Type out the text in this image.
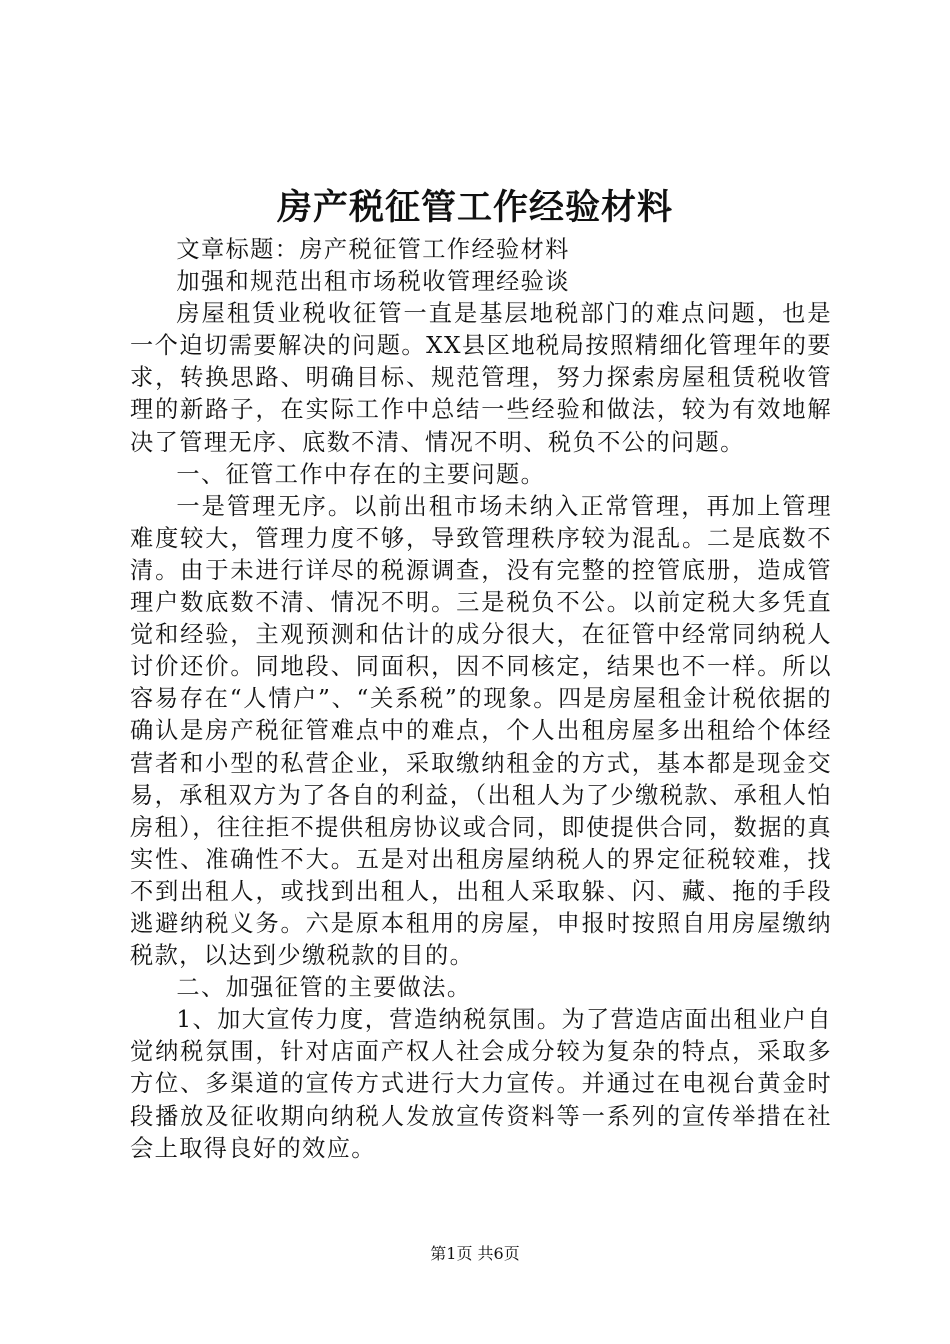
房产税征管工作经验材料

文章标题：房产税征管工作经验材料

加强和规范出租市场税收管理经验谈

房屋租赁业税收征管一直是基层地税部门的难点问题，也是一个迫切需要解决的问题。XX县区地税局按照精细化管理年的要求，转换思路、明确目标、规范管理，努力探索房屋租赁税收管理的新路子，在实际工作中总结一些经验和做法，较为有效地解决了管理无序、底数不清、情况不明、税负不公的问题。

一、征管工作中存在的主要问题。

一是管理无序。以前出租市场未纳入正常管理，再加上管理难度较大，管理力度不够，导致管理秩序较为混乱。二是底数不清。由于未进行详尽的税源调查，没有完整的控管底册，造成管理户数底数不清、情况不明。三是税负不公。以前定税大多凭直觉和经验，主观预测和估计的成分很大，在征管中经常同纳税人讨价还价。同地段、同面积，因不同核定，结果也不一样。所以容易存在“人情户”、“关系税”的现象。四是房屋租金计税依据的确认是房产税征管难点中的难点，个人出租房屋多出租给个体经营者和小型的私营企业，采取缴纳租金的方式，基本都是现金交易，承租双方为了各自的利益，（出租人为了少缴税款、承租人怕房租），往往拒不提供租房协议或合同，即使提供合同，数据的真实性、准确性不大。五是对出租房屋纳税人的界定征税较难，找不到出租人，或找到出租人，出租人采取躲、闪、藏、拖的手段逃避纳税义务。六是原本租用的房屋，申报时按照自用房屋缴纳税款，以达到少缴税款的目的。

二、加强征管的主要做法。

1、加大宣传力度，营造纳税氛围。为了营造店面出租业户自觉纳税氛围，针对店面产权人社会成分较为复杂的特点，采取多方位、多渠道的宣传方式进行大力宣传。并通过在电视台黄金时段播放及征收期向纳税人发放宣传资料等一系列的宣传举措在社会上取得良好的效应。

第1页 共6页
